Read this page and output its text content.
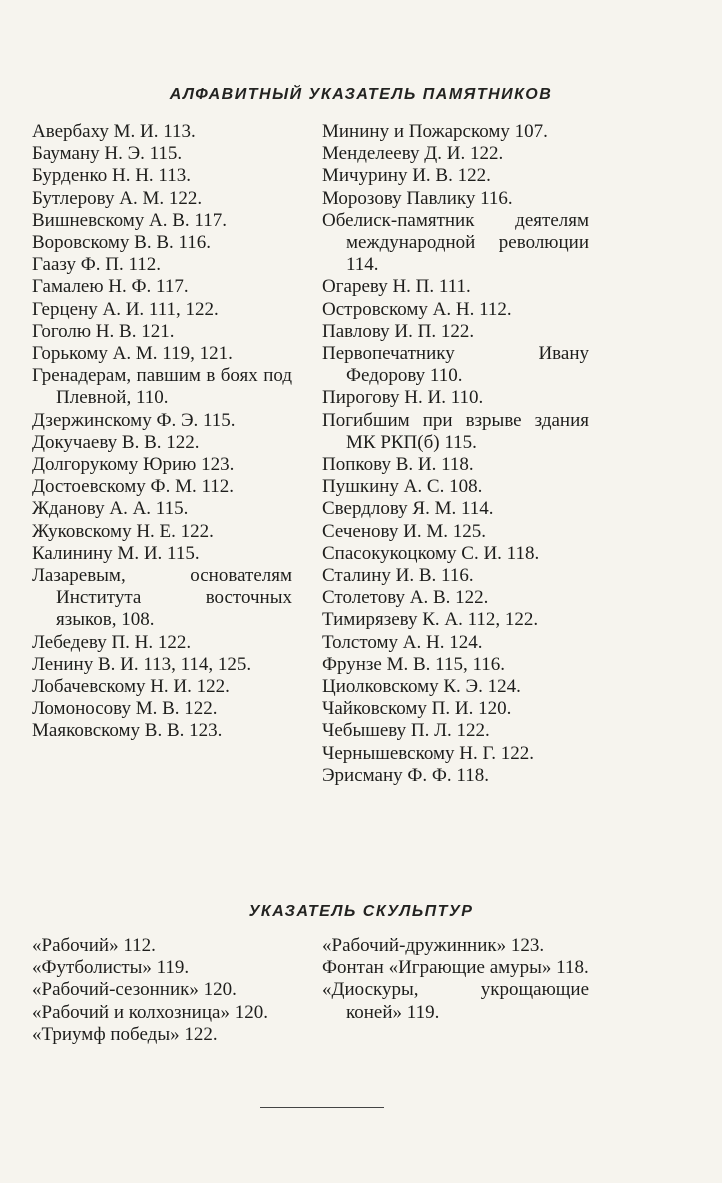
АЛФАВИТНЫЙ УКАЗАТЕЛЬ ПАМЯТНИКОВ
Авербаху М. И. 113.
Бауману Н. Э. 115.
Бурденко Н. Н. 113.
Бутлерову А. М. 122.
Вишневскому А. В. 117.
Воровскому В. В. 116.
Гаазу Ф. П. 112.
Гамалею Н. Ф. 117.
Герцену А. И. 111, 122.
Гоголю Н. В. 121.
Горькому А. М. 119, 121.
Гренадерам, павшим в боях под Плевной, 110.
Дзержинскому Ф. Э. 115.
Докучаеву В. В. 122.
Долгорукому Юрию 123.
Достоевскому Ф. М. 112.
Жданову А. А. 115.
Жуковскому Н. Е. 122.
Калинину М. И. 115.
Лазаревым, основателям Института восточных языков, 108.
Лебедеву П. Н. 122.
Ленину В. И. 113, 114, 125.
Лобачевскому Н. И. 122.
Ломоносову М. В. 122.
Маяковскому В. В. 123.
Минину и Пожарскому 107.
Менделееву Д. И. 122.
Мичурину И. В. 122.
Морозову Павлику 116.
Обелиск-памятник деятелям международной революции 114.
Огареву Н. П. 111.
Островскому А. Н. 112.
Павлову И. П. 122.
Первопечатнику Ивану Федорову 110.
Пирогову Н. И. 110.
Погибшим при взрыве здания МК РКП(б) 115.
Попкову В. И. 118.
Пушкину А. С. 108.
Свердлову Я. М. 114.
Сеченову И. М. 125.
Спасокукоцкому С. И. 118.
Сталину И. В. 116.
Столетову А. В. 122.
Тимирязеву К. А. 112, 122.
Толстому А. Н. 124.
Фрунзе М. В. 115, 116.
Циолковскому К. Э. 124.
Чайковскому П. И. 120.
Чебышеву П. Л. 122.
Чернышевскому Н. Г. 122.
Эрисману Ф. Ф. 118.
УКАЗАТЕЛЬ СКУЛЬПТУР
«Рабочий» 112.
«Футболисты» 119.
«Рабочий-сезонник» 120.
«Рабочий и колхозница» 120.
«Триумф победы» 122.
«Рабочий-дружинник» 123.
Фонтан «Играющие амуры» 118.
«Диоскуры, укрощающие коней» 119.
